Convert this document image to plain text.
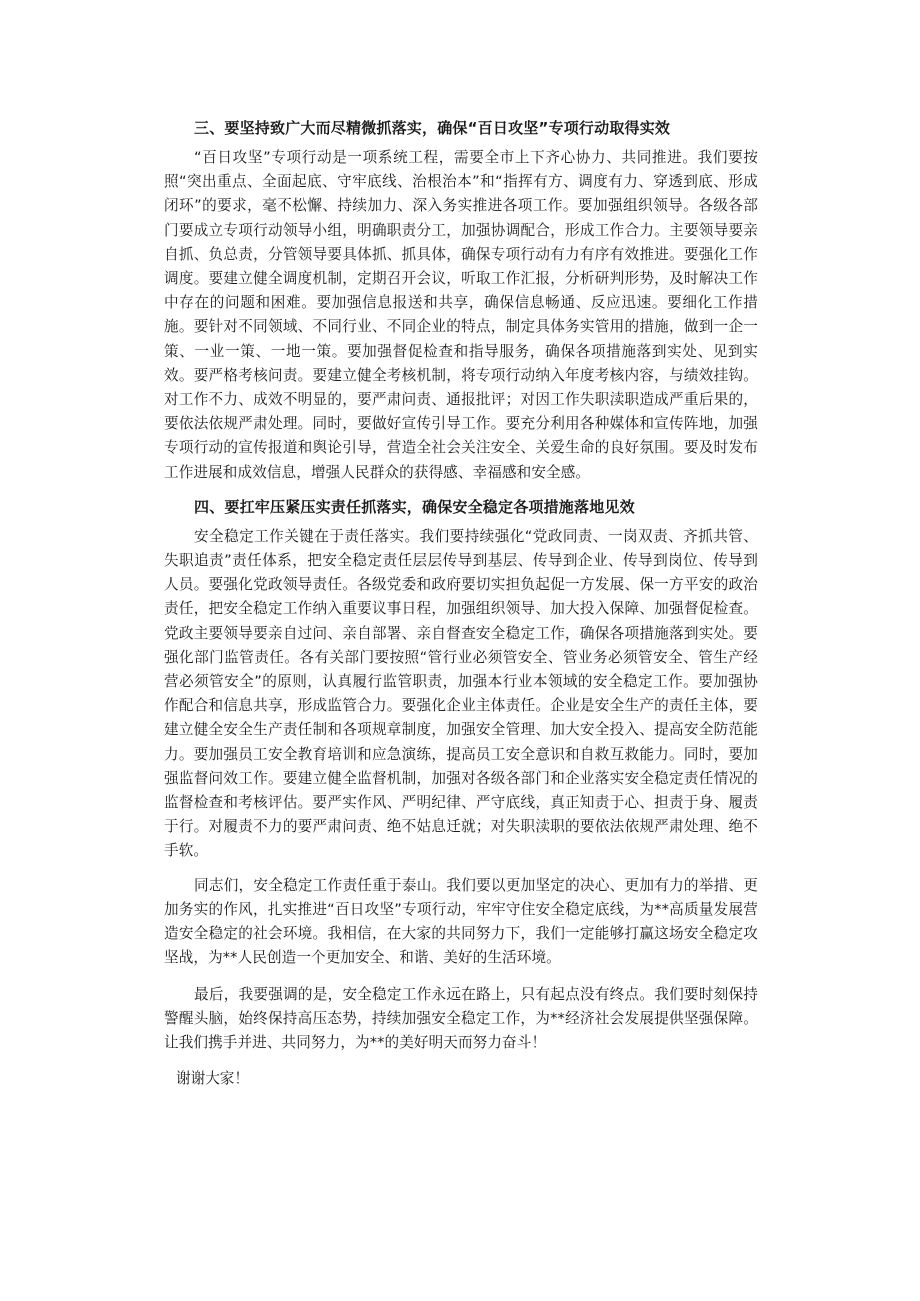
三、要坚持致广大而尽精微抓落实，确保“百日攻坚”专项行动取得实效

“百日攻坚”专项行动是一项系统工程，需要全市上下齐心协力、共同推进。我们要按照“突出重点、全面起底、守牢底线、治根治本”和“指挥有方、调度有力、穿透到底、形成闭环”的要求，毫不松懈、持续加力、深入务实推进各项工作。要加强组织领导。各级各部门要成立专项行动领导小组，明确职责分工，加强协调配合，形成工作合力。主要领导要亲自抓、负总责，分管领导要具体抓、抓具体，确保专项行动有力有序有效推进。要强化工作调度。要建立健全调度机制，定期召开会议，听取工作汇报，分析研判形势，及时解决工作中存在的问题和困难。要加强信息报送和共享，确保信息畅通、反应迅速。要细化工作措施。要针对不同领域、不同行业、不同企业的特点，制定具体务实管用的措施，做到一企一策、一业一策、一地一策。要加强督促检查和指导服务，确保各项措施落到实处、见到实效。要严格考核问责。要建立健全考核机制，将专项行动纳入年度考核内容，与绩效挂钩。对工作不力、成效不明显的，要严肃问责、通报批评；对因工作失职渎职造成严重后果的，要依法依规严肃处理。同时，要做好宣传引导工作。要充分利用各种媒体和宣传阵地，加强专项行动的宣传报道和舆论引导，营造全社会关注安全、关爱生命的良好氛围。要及时发布工作进展和成效信息，增强人民群众的获得感、幸福感和安全感。

四、要扛牢压紧压实责任抓落实，确保安全稳定各项措施落地见效

安全稳定工作关键在于责任落实。我们要持续强化“党政同责、一岗双责、齐抓共管、失职追责”责任体系，把安全稳定责任层层传导到基层、传导到企业、传导到岗位、传导到人员。要强化党政领导责任。各级党委和政府要切实担负起促一方发展、保一方平安的政治责任，把安全稳定工作纳入重要议事日程，加强组织领导、加大投入保障、加强督促检查。党政主要领导要亲自过问、亲自部署、亲自督查安全稳定工作，确保各项措施落到实处。要强化部门监管责任。各有关部门要按照“管行业必须管安全、管业务必须管安全、管生产经营必须管安全”的原则，认真履行监管职责，加强本行业本领域的安全稳定工作。要加强协作配合和信息共享，形成监管合力。要强化企业主体责任。企业是安全生产的责任主体，要建立健全安全生产责任制和各项规章制度，加强安全管理、加大安全投入、提高安全防范能力。要加强员工安全教育培训和应急演练，提高员工安全意识和自救互救能力。同时，要加强监督问效工作。要建立健全监督机制，加强对各级各部门和企业落实安全稳定责任情况的监督检查和考核评估。要严实作风、严明纪律、严守底线，真正知责于心、担责于身、履责于行。对履责不力的要严肃问责、绝不姑息迁就；对失职渎职的要依法依规严肃处理、绝不手软。

同志们，安全稳定工作责任重于泰山。我们要以更加坚定的决心、更加有力的举措、更加务实的作风，扎实推进“百日攻坚”专项行动，牢牢守住安全稳定底线，为**高质量发展营造安全稳定的社会环境。我相信，在大家的共同努力下，我们一定能够打赢这场安全稳定攻坚战，为**人民创造一个更加安全、和谐、美好的生活环境。

最后，我要强调的是，安全稳定工作永远在路上，只有起点没有终点。我们要时刻保持警醒头脑，始终保持高压态势，持续加强安全稳定工作，为**经济社会发展提供坚强保障。让我们携手并进、共同努力，为**的美好明天而努力奋斗！

谢谢大家！
